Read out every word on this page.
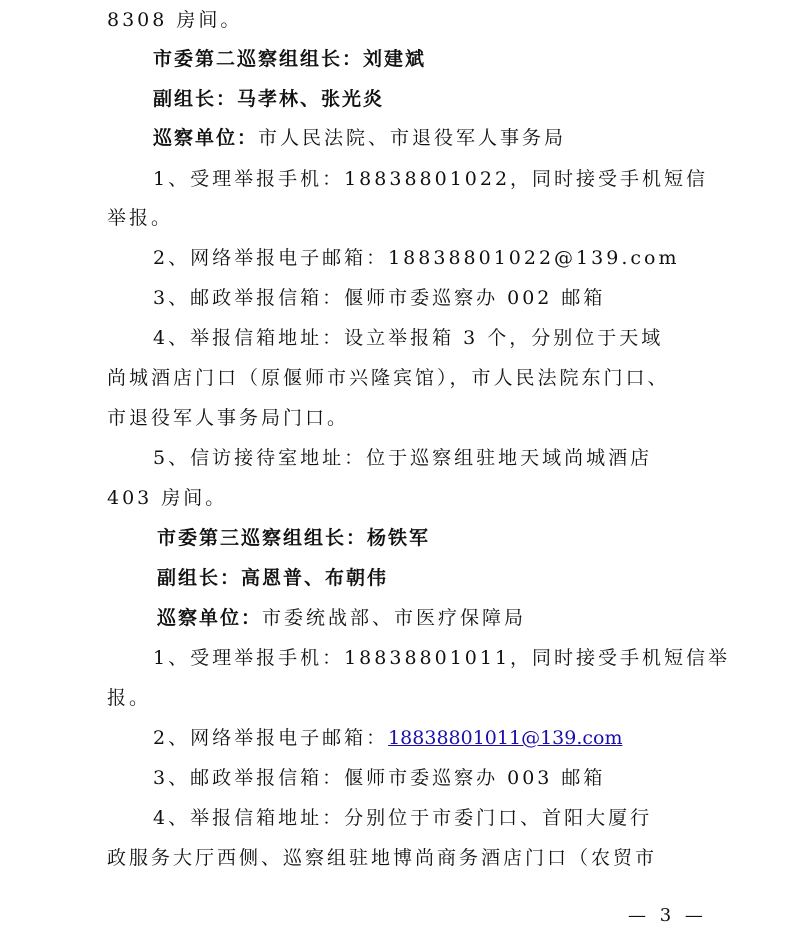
8308 房间。
市委第二巡察组组长：刘建斌
副组长：马孝林、张光炎
巡察单位：市人民法院、市退役军人事务局
1、受理举报手机：18838801022，同时接受手机短信
举报。
2、网络举报电子邮箱：18838801022@139.com
3、邮政举报信箱：偃师市委巡察办 002 邮箱
4、举报信箱地址：设立举报箱 3 个，分别位于天域
尚城酒店门口（原偃师市兴隆宾馆），市人民法院东门口、
市退役军人事务局门口。
5、信访接待室地址：位于巡察组驻地天域尚城酒店
403 房间。
市委第三巡察组组长：杨铁军
副组长：高恩普、布朝伟
巡察单位：市委统战部、市医疗保障局
1、受理举报手机：18838801011，同时接受手机短信举
报。
2、网络举报电子邮箱：18838801011@139.com
3、邮政举报信箱：偃师市委巡察办 003 邮箱
4、举报信箱地址：分别位于市委门口、首阳大厦行
政服务大厅西侧、巡察组驻地博尚商务酒店门口（农贸市
— 3 —
